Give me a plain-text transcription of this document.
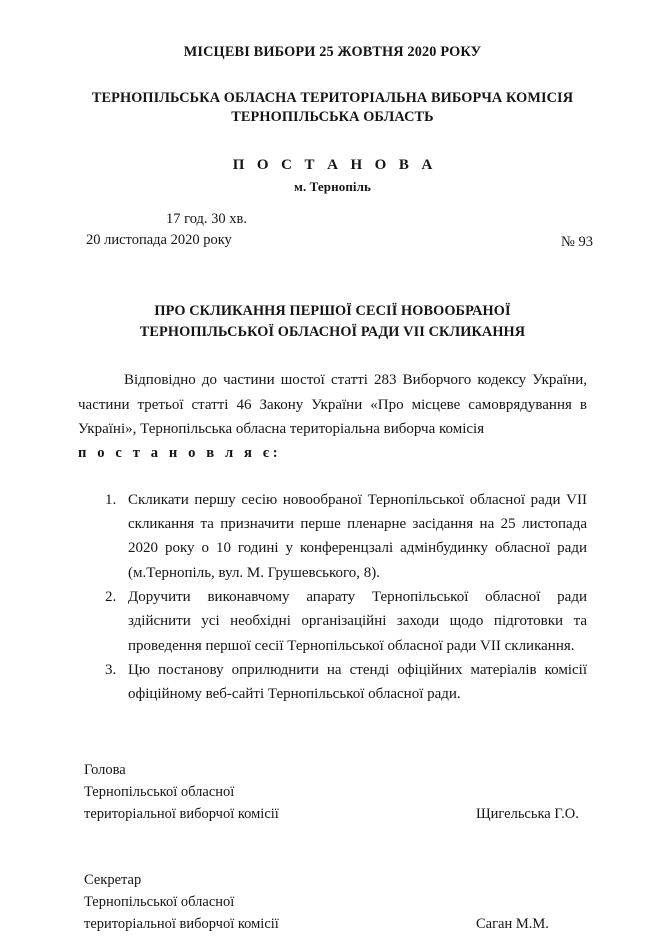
МІСЦЕВІ ВИБОРИ 25 ЖОВТНЯ 2020 РОКУ
ТЕРНОПІЛЬСЬКА ОБЛАСНА ТЕРИТОРІАЛЬНА ВИБОРЧА КОМІСІЯ
ТЕРНОПІЛЬСЬКА ОБЛАСТЬ
П О С Т А Н О В А
м. Тернопіль
17 год. 30 хв.
20 листопада 2020 року	№ 93
ПРО СКЛИКАННЯ ПЕРШОЇ СЕСІЇ НОВООБРАНОЇ
ТЕРНОПІЛЬСЬКОЇ ОБЛАСНОЇ РАДИ VII СКЛИКАННЯ
Відповідно до частини шостої статті 283 Виборчого кодексу України, частини третьої статті 46 Закону України «Про місцеве самоврядування в Україні», Тернопільська обласна територіальна виборча комісія
п о с т а н о в л я є:
1. Скликати першу сесію новообраної Тернопільської обласної ради VII скликання та призначити перше пленарне засідання на 25 листопада 2020 року о 10 годині у конференцзалі адмінбудинку обласної ради (м.Тернопіль, вул. М. Грушевського, 8).
2. Доручити виконавчому апарату Тернопільської обласної ради здійснити усі необхідні організаційні заходи щодо підготовки та проведення першої сесії Тернопільської обласної ради VII скликання.
3. Цю постанову оприлюднити на стенді офіційних матеріалів комісії офіційному веб-сайті Тернопільської обласної ради.
Голова
Тернопільської обласної
територіальної виборчої комісії	Щигельська Г.О.
Секретар
Тернопільської обласної
територіальної виборчої комісії	Саган М.М.
